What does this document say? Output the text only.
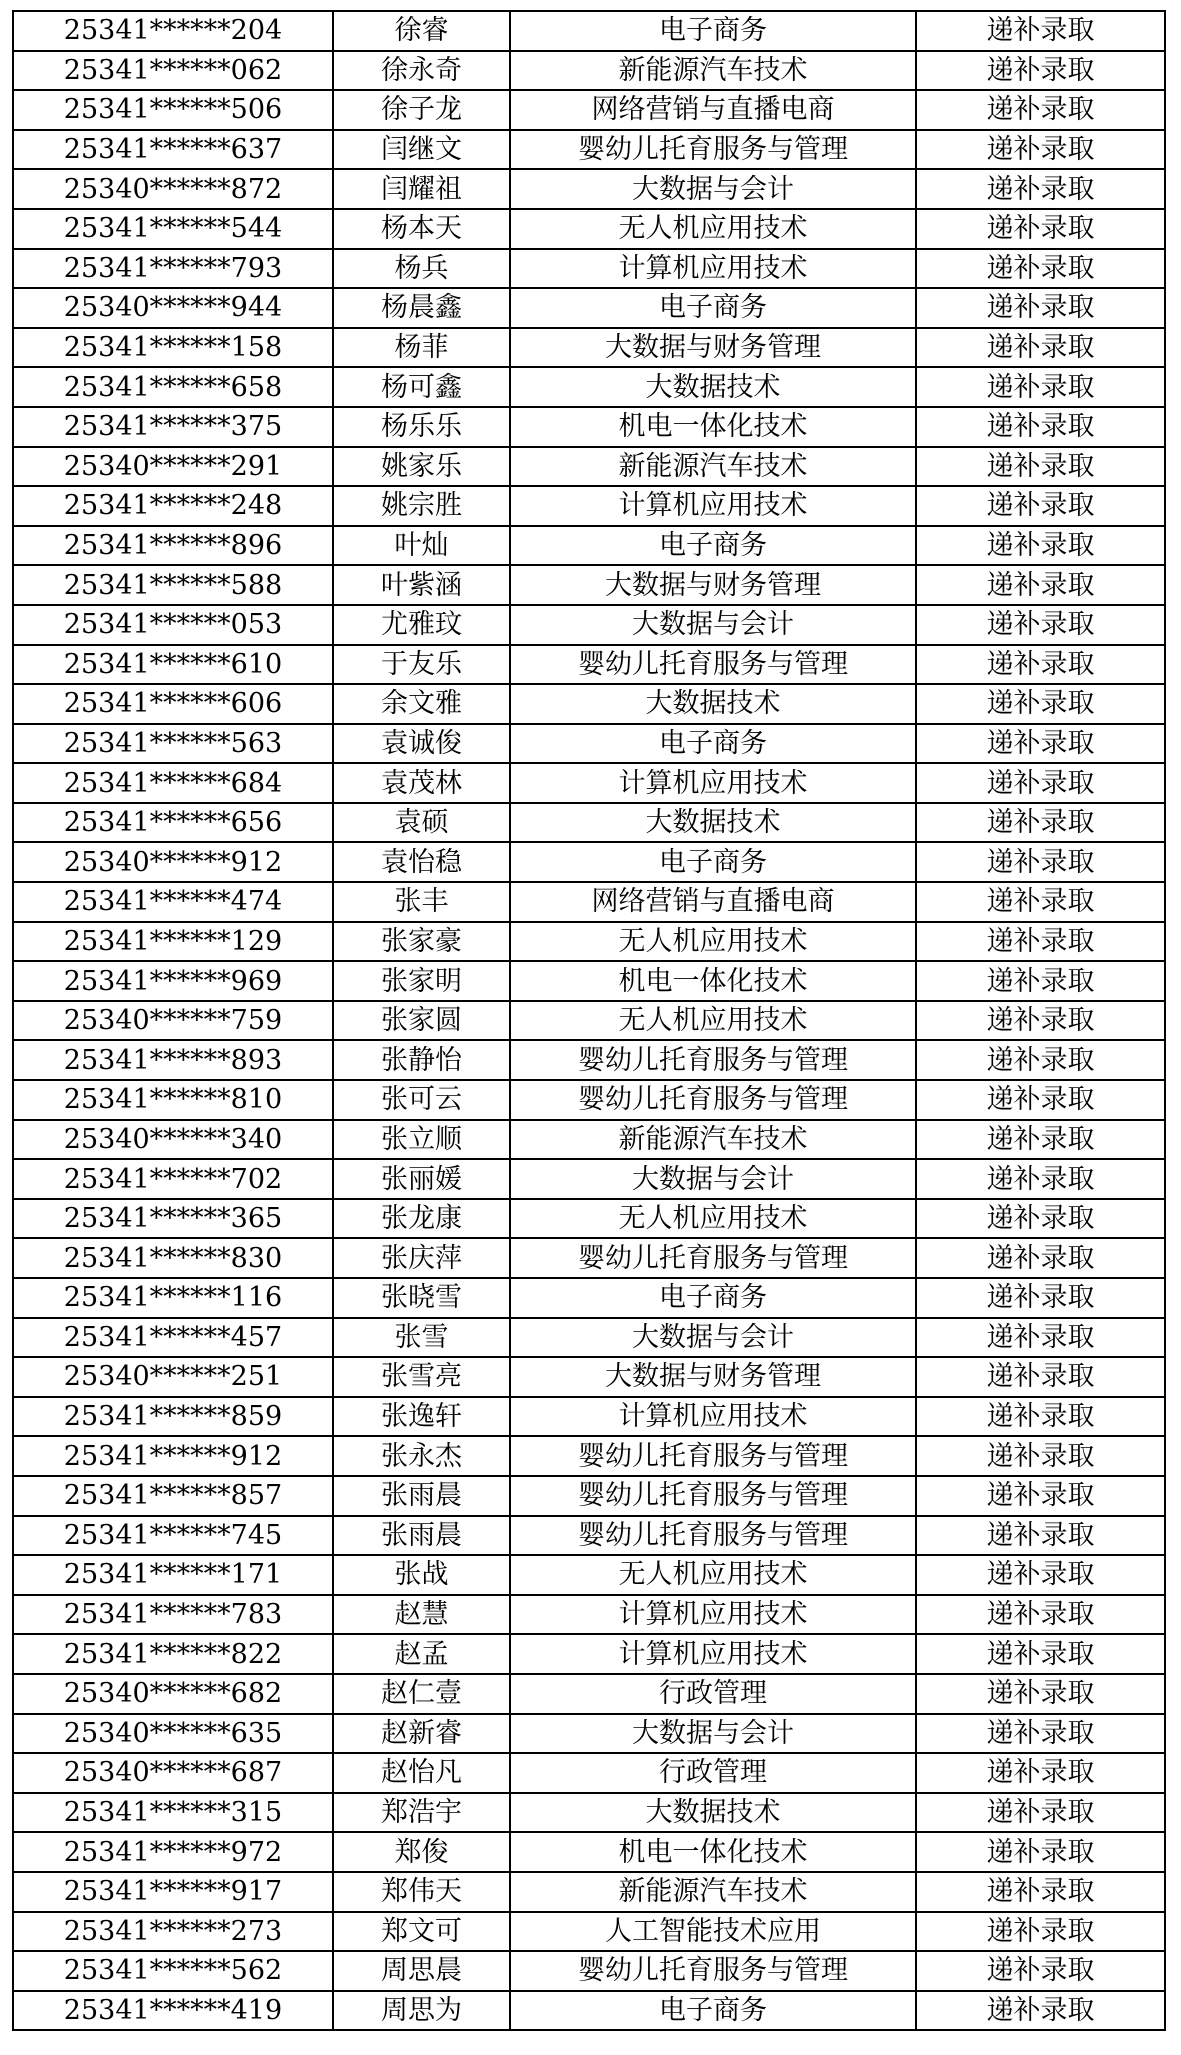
25341******204	徐睿	电子商务	递补录取
25341******062	徐永奇	新能源汽车技术	递补录取
25341******506	徐子龙	网络营销与直播电商	递补录取
25341******637	闫继文	婴幼儿托育服务与管理	递补录取
25340******872	闫耀祖	大数据与会计	递补录取
25341******544	杨本天	无人机应用技术	递补录取
25341******793	杨兵	计算机应用技术	递补录取
25340******944	杨晨鑫	电子商务	递补录取
25341******158	杨菲	大数据与财务管理	递补录取
25341******658	杨可鑫	大数据技术	递补录取
25341******375	杨乐乐	机电一体化技术	递补录取
25340******291	姚家乐	新能源汽车技术	递补录取
25341******248	姚宗胜	计算机应用技术	递补录取
25341******896	叶灿	电子商务	递补录取
25341******588	叶紫涵	大数据与财务管理	递补录取
25341******053	尤雅玟	大数据与会计	递补录取
25341******610	于友乐	婴幼儿托育服务与管理	递补录取
25341******606	余文雅	大数据技术	递补录取
25341******563	袁诚俊	电子商务	递补录取
25341******684	袁茂林	计算机应用技术	递补录取
25341******656	袁硕	大数据技术	递补录取
25340******912	袁怡稳	电子商务	递补录取
25341******474	张丰	网络营销与直播电商	递补录取
25341******129	张家豪	无人机应用技术	递补录取
25341******969	张家明	机电一体化技术	递补录取
25340******759	张家圆	无人机应用技术	递补录取
25341******893	张静怡	婴幼儿托育服务与管理	递补录取
25341******810	张可云	婴幼儿托育服务与管理	递补录取
25340******340	张立顺	新能源汽车技术	递补录取
25341******702	张丽媛	大数据与会计	递补录取
25341******365	张龙康	无人机应用技术	递补录取
25341******830	张庆萍	婴幼儿托育服务与管理	递补录取
25341******116	张晓雪	电子商务	递补录取
25341******457	张雪	大数据与会计	递补录取
25340******251	张雪亮	大数据与财务管理	递补录取
25341******859	张逸轩	计算机应用技术	递补录取
25341******912	张永杰	婴幼儿托育服务与管理	递补录取
25341******857	张雨晨	婴幼儿托育服务与管理	递补录取
25341******745	张雨晨	婴幼儿托育服务与管理	递补录取
25341******171	张战	无人机应用技术	递补录取
25341******783	赵慧	计算机应用技术	递补录取
25341******822	赵孟	计算机应用技术	递补录取
25340******682	赵仁壹	行政管理	递补录取
25340******635	赵新睿	大数据与会计	递补录取
25340******687	赵怡凡	行政管理	递补录取
25341******315	郑浩宇	大数据技术	递补录取
25341******972	郑俊	机电一体化技术	递补录取
25341******917	郑伟天	新能源汽车技术	递补录取
25341******273	郑文可	人工智能技术应用	递补录取
25341******562	周思晨	婴幼儿托育服务与管理	递补录取
25341******419	周思为	电子商务	递补录取
